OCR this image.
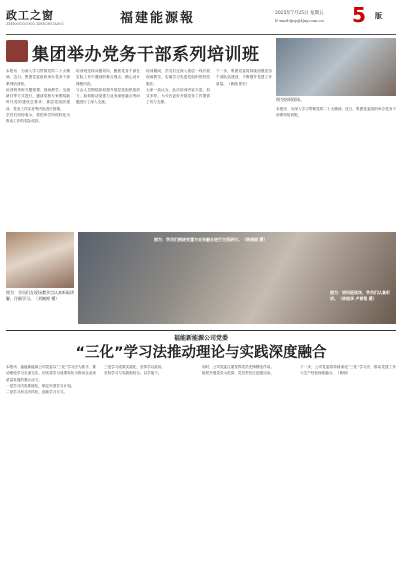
政工之窗
ZHENGGONG ZHICHUANG	福建能源報	2025年7月25日 星期五
E-mail:fjny@fjny.com.cn 5 版
集团举办党务干部系列培训班
图为培训现场。
本报讯　为深入学习贯彻党的二十大精神，近日，集团党委组织举办党务干部系列培训班。
培训班采取专题授课、现场教学、交流研讨等方式进行，邀请党校专家围绕新时代党的建设总要求、基层党组织建设、党务工作实务等内容进行授课。
学员们纷纷表示，将把所学所悟转化为推动工作的实际成效。
培训班坚持问题导向，聚焦党务干部在实际工作中遇到的难点堵点，精心设计课程内容。
与会人员围绕如何提升基层党组织组织力、如何推动党建与业务深度融合等问题进行了深入交流。
培训期间，学员们还深入基层一线开展现场教学，实地学习先进党组织的经验做法。
大家一致认为，此次培训内容丰富、形式多样，为今后更好开展党务工作提供了有力支撑。
下一步，集团党委将持续加强党务干部队伍建设，不断提升党建工作质量。（黄瑞 张宏）
本报讯　为深入学习贯彻党的二十大精神，近日，集团党委组织举办党务干部系列培训班。
图为：学员们在现场教学点认真听取讲解，仔细学习。（刘婉婷 摄）
图为：学员们围绕党建与业务融合进行交流研讨。（杨娟娟 摄）
图为：培训班现场，学员们认真听讲。（林振华 卢晋铭 摄）
福能新能源公司党委
“三化”学习法推动理论与实践深度融合
本报讯　福能新能源公司党委以“三化”学习法为抓手，推动理论学习走深走实，切实将学习成果转化为推动企业高质量发展的强大动力。
一是学习内容系统化，制定年度学习计划。
二是学习形式多样化，创新学习方式。
三是学习成果实践化，坚持学以致用。
坚持学习与实践相结合，以学促干。
同时，公司党委注重发挥党员先锋模范作用。
组织开展党员示范岗、党员责任区创建活动。
下一步，公司党委将持续深化“三化”学习法，推动党建工作与生产经营深度融合。（黄明）
